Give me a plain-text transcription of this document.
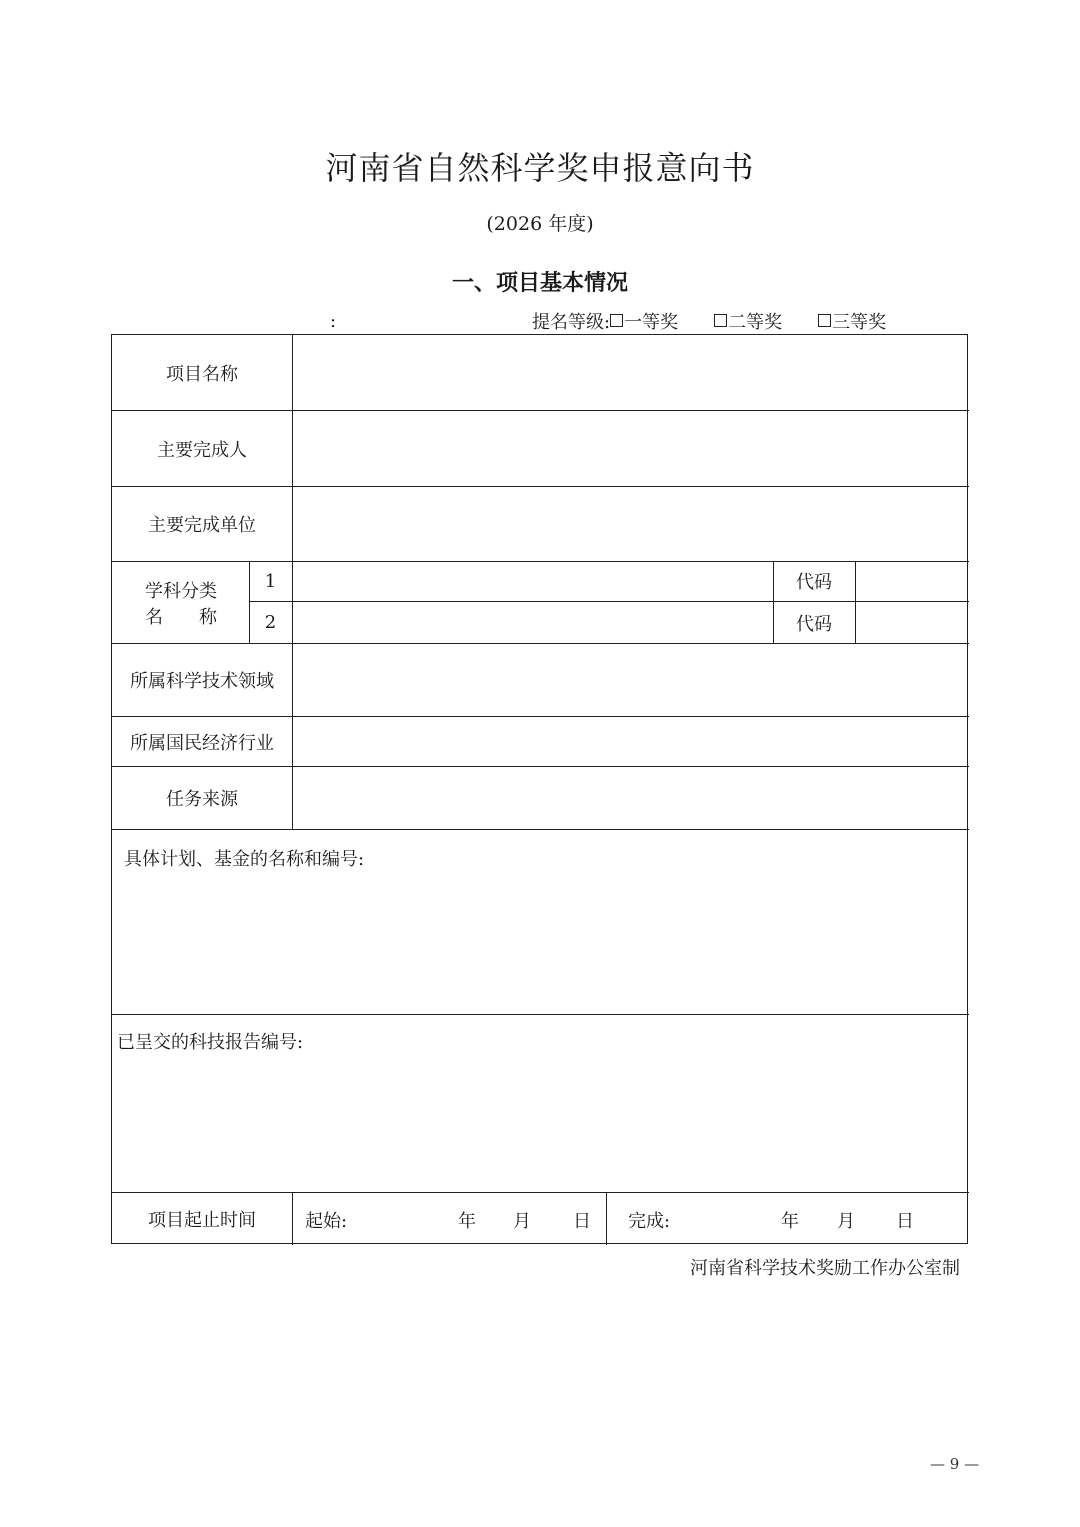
河南省自然科学奖申报意向书
(2026 年度)
一、项目基本情况
:	提名等级: 一等奖	二等奖	三等奖
项目名称
主要完成人
主要完成单位
学科分类
名　　称
1	代码
2	代码
所属科学技术领域
所属国民经济行业
任务来源
具体计划、基金的名称和编号:
已呈交的科技报告编号:
项目起止时间	起始:	年 月 日 完成:	年 月 日
河南省科学技术奖励工作办公室制
— 9 —
